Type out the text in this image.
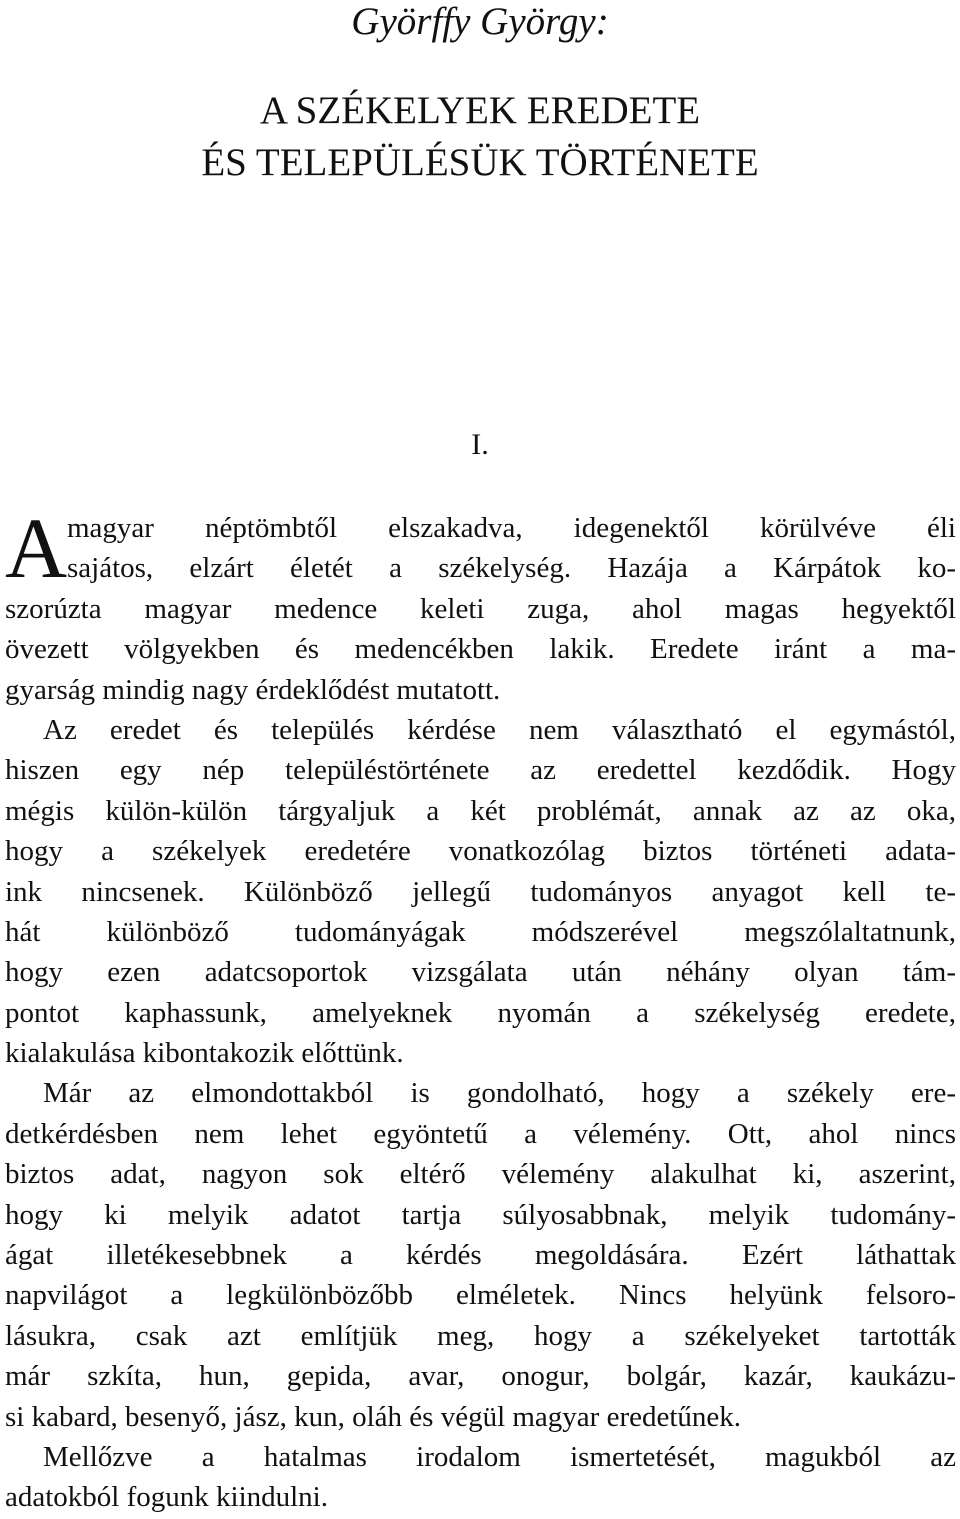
Györffy György:
A SZÉKELYEK EREDETE
ÉS TELEPÜLÉSÜK TÖRTÉNETE
I.
A magyar néptömbtől elszakadva, idegenektől körülvéve éli
sajátos, elzárt életét a székelység. Hazája a Kárpátok ko-
szorúzta magyar medence keleti zuga, ahol magas hegyektől
övezett völgyekben és medencékben lakik. Eredete iránt a ma-
gyarság mindig nagy érdeklődést mutatott.
Az eredet és település kérdése nem választható el egymástól,
hiszen egy nép településtörténete az eredettel kezdődik. Hogy
mégis külön-külön tárgyaljuk a két problémát, annak az az oka,
hogy a székelyek eredetére vonatkozólag biztos történeti adata-
ink nincsenek. Különböző jellegű tudományos anyagot kell te-
hát különböző tudományágak módszerével megszólaltatnunk,
hogy ezen adatcsoportok vizsgálata után néhány olyan tám-
pontot kaphassunk, amelyeknek nyomán a székelység eredete,
kialakulása kibontakozik előttünk.
Már az elmondottakból is gondolható, hogy a székely ere-
detkérdésben nem lehet egyöntetű a vélemény. Ott, ahol nincs
biztos adat, nagyon sok eltérő vélemény alakulhat ki, aszerint,
hogy ki melyik adatot tartja súlyosabbnak, melyik tudomány-
ágat illetékesebbnek a kérdés megoldására. Ezért láthattak
napvilágot a legkülönbözőbb elméletek. Nincs helyünk felsoro-
lásukra, csak azt említjük meg, hogy a székelyeket tartották
már szkíta, hun, gepida, avar, onogur, bolgár, kazár, kaukázu-
si kabard, besenyő, jász, kun, oláh és végül magyar eredetűnek.
Mellőzve a hatalmas irodalom ismertetését, magukból az
adatokból fogunk kiindulni.
